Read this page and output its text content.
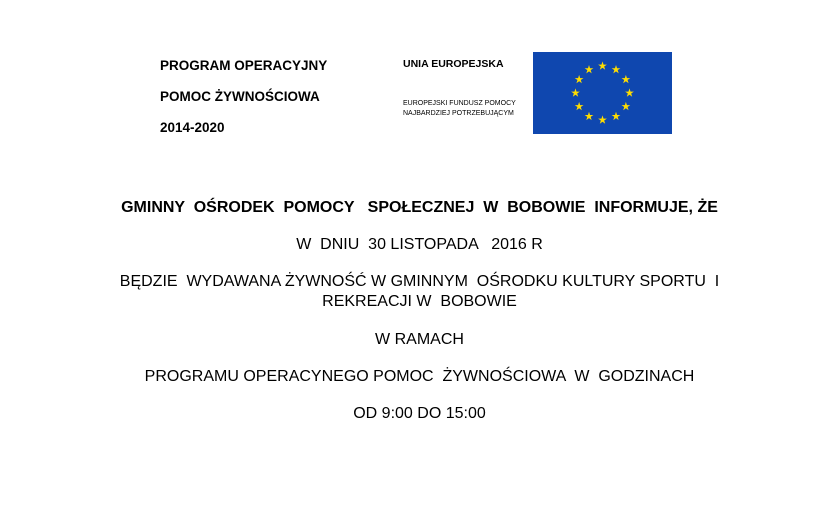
PROGRAM OPERACYJNY

POMOC ŻYWNOŚCIOWA

2014-2020

UNIA EUROPEJSKA
EUROPEJSKI FUNDUSZ POMOCY
NAJBARDZIEJ POTRZEBUJĄCYM

GMINNY  OŚRODEK  POMOCY   SPOŁECZNEJ  W  BOBOWIE  INFORMUJE, ŻE

W  DNIU  30 LISTOPADA   2016 R

BĘDZIE  WYDAWANA ŻYWNOŚĆ W GMINNYM  OŚRODKU KULTURY SPORTU  I

REKREACJI W  BOBOWIE

W RAMACH

PROGRAMU OPERACYNEGO POMOC  ŻYWNOŚCIOWA  W  GODZINACH

OD 9:00 DO 15:00
